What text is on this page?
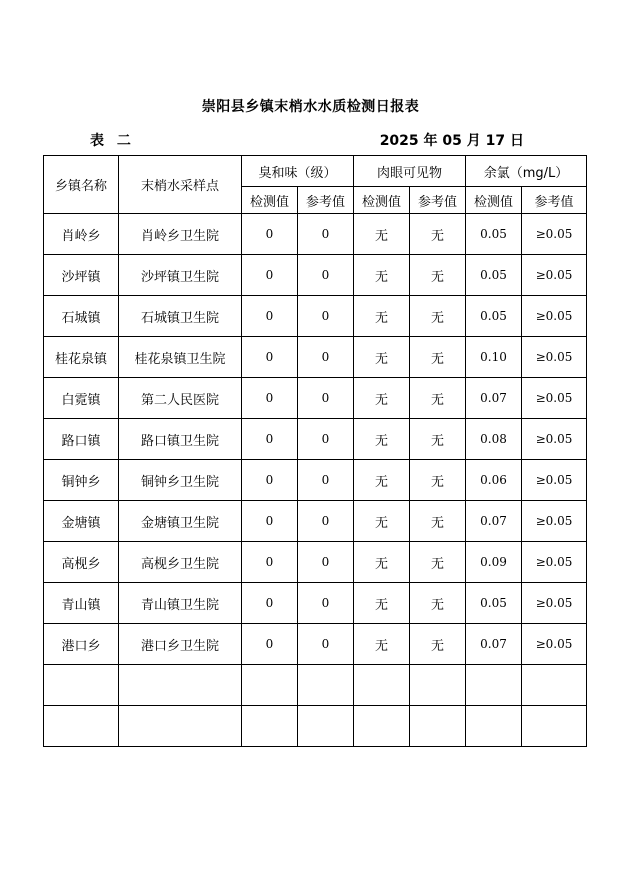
崇阳县乡镇末梢水水质检测日报表
表 二	2025 年 05 月 17 日
乡镇名称	末梢水采样点	臭和味（级）		肉眼可见物		余氯（mg/L）	
		检测值	参考值	检测值	参考值	检测值	参考值
肖岭乡	肖岭乡卫生院	0	0	无	无	0.05	≥0.05
沙坪镇	沙坪镇卫生院	0	0	无	无	0.05	≥0.05
石城镇	石城镇卫生院	0	0	无	无	0.05	≥0.05
桂花泉镇	桂花泉镇卫生院	0	0	无	无	0.10	≥0.05
白霓镇	第二人民医院	0	0	无	无	0.07	≥0.05
路口镇	路口镇卫生院	0	0	无	无	0.08	≥0.05
铜钟乡	铜钟乡卫生院	0	0	无	无	0.06	≥0.05
金塘镇	金塘镇卫生院	0	0	无	无	0.07	≥0.05
高枧乡	高枧乡卫生院	0	0	无	无	0.09	≥0.05
青山镇	青山镇卫生院	0	0	无	无	0.05	≥0.05
港口乡	港口乡卫生院	0	0	无	无	0.07	≥0.05
